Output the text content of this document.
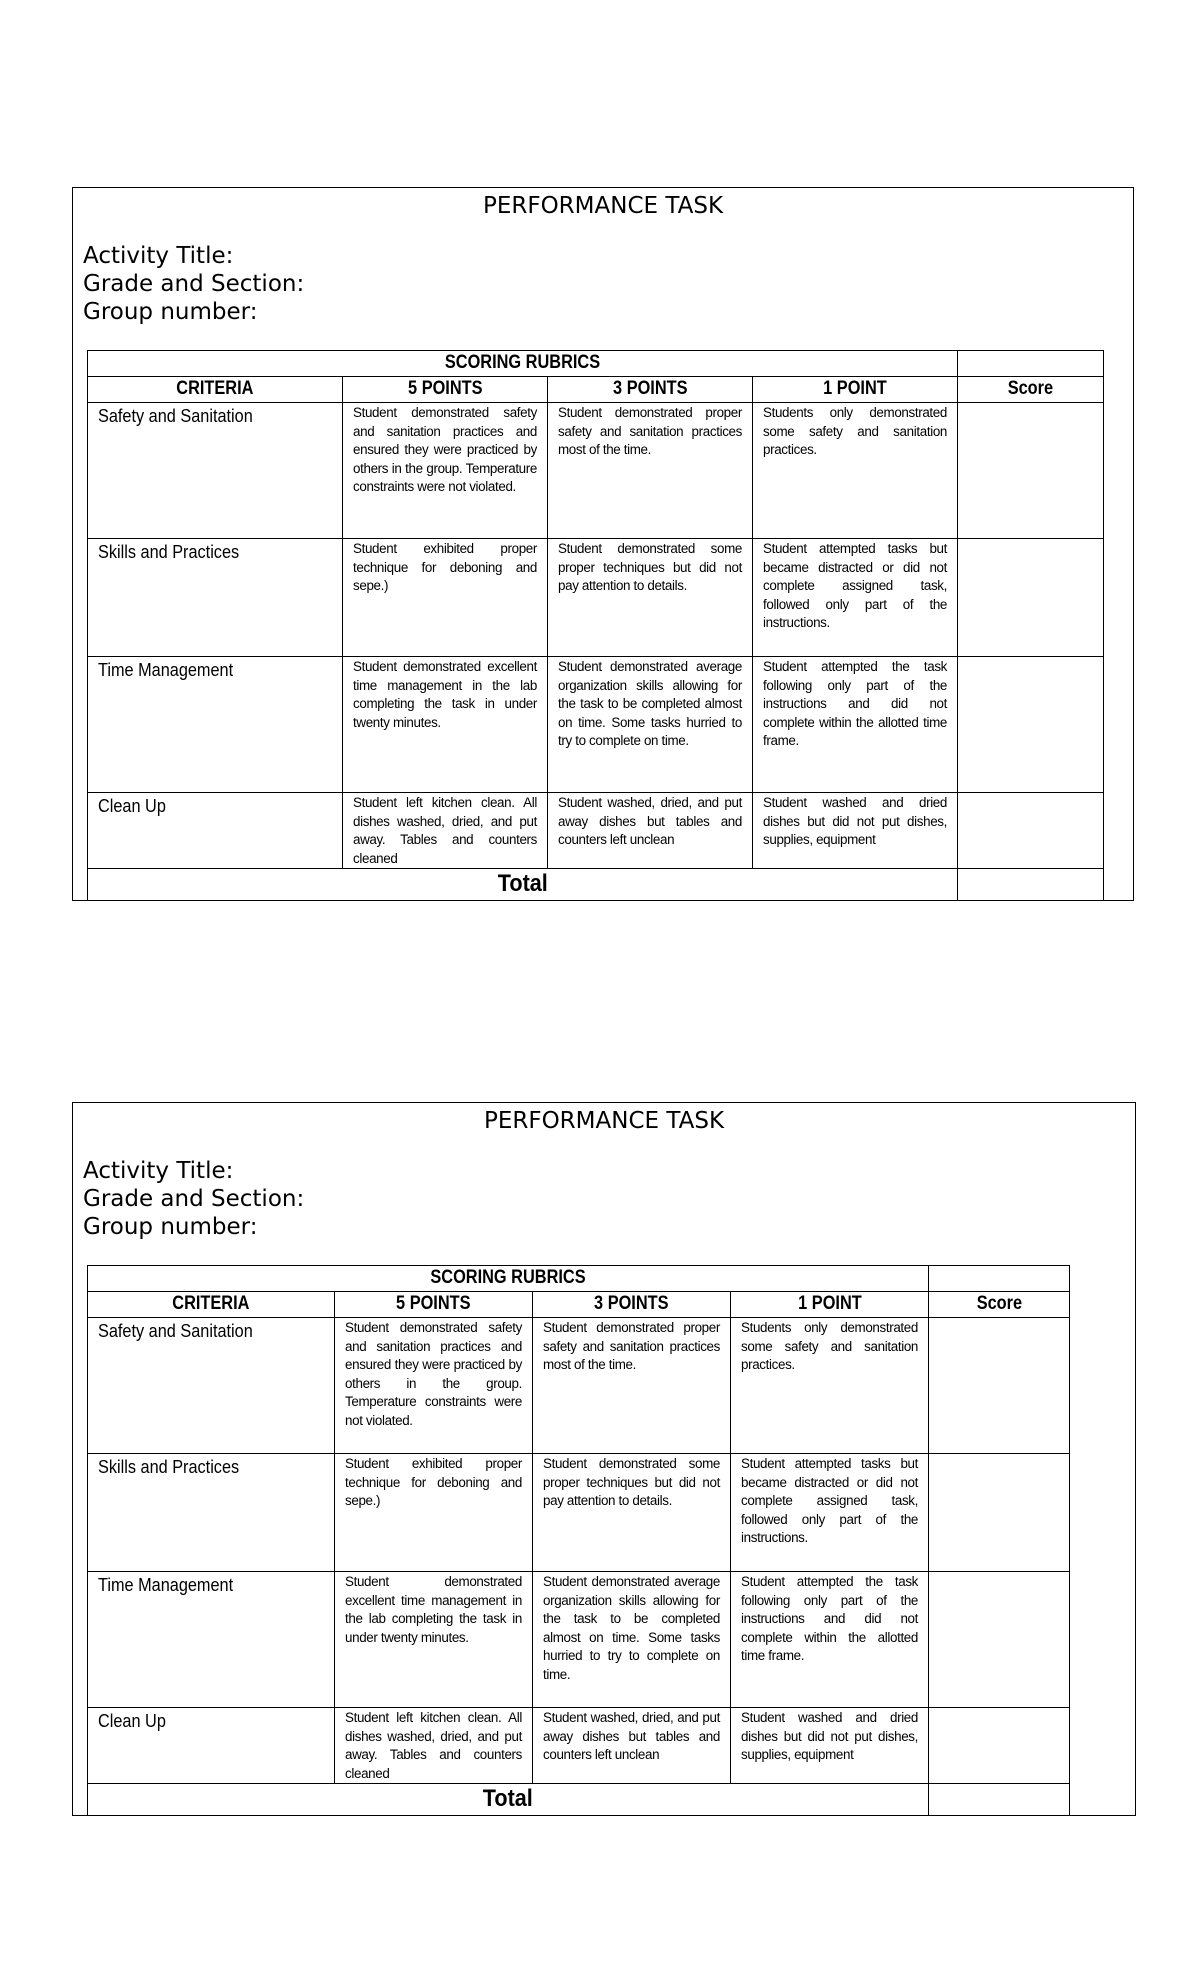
PERFORMANCE TASK
Activity Title:
Grade and Section:
Group number:
SCORING RUBRICS				

CRITERIA	5 POINTS	3 POINTS	1 POINT	Score
Safety and Sanitation	Student demonstrated safety and sanitation practices and ensured they were practiced by others in the group. Temperature constraints were not violated.	Student demonstrated proper safety and sanitation practices most of the time.	Students only demonstrated some safety and sanitation practices.	
Skills and Practices	Student exhibited proper technique for deboning and sepe.)	Student demonstrated some proper techniques but did not pay attention to details.	Student attempted tasks but became distracted or did not complete assigned task, followed only part of the instructions.	
Time Management	Student demonstrated excellent time management in the lab completing the task in under twenty minutes.	Student demonstrated average organization skills allowing for the task to be completed almost on time. Some tasks hurried to try to complete on time.	Student attempted the task following only part of the instructions and did not complete within the allotted time frame.	
Clean Up	Student left kitchen clean. All dishes washed, dried, and put away. Tables and counters cleaned	Student washed, dried, and put away dishes but tables and counters left unclean	Student washed and dried dishes but did not put dishes, supplies, equipment	
Total				
PERFORMANCE TASK
Activity Title:
Grade and Section:
Group number:
SCORING RUBRICS				

CRITERIA	5 POINTS	3 POINTS	1 POINT	Score
Safety and Sanitation	Student demonstrated safety and sanitation practices and ensured they were practiced by others in the group. Temperature constraints were not violated.	Student demonstrated proper safety and sanitation practices most of the time.	Students only demonstrated some safety and sanitation practices.	
Skills and Practices	Student exhibited proper technique for deboning and sepe.)	Student demonstrated some proper techniques but did not pay attention to details.	Student attempted tasks but became distracted or did not complete assigned task, followed only part of the instructions.	
Time Management	Student demonstrated excellent time management in the lab completing the task in under twenty minutes.	Student demonstrated average organization skills allowing for the task to be completed almost on time. Some tasks hurried to try to complete on time.	Student attempted the task following only part of the instructions and did not complete within the allotted time frame.	
Clean Up	Student left kitchen clean. All dishes washed, dried, and put away. Tables and counters cleaned	Student washed, dried, and put away dishes but tables and counters left unclean	Student washed and dried dishes but did not put dishes, supplies, equipment	
Total				
